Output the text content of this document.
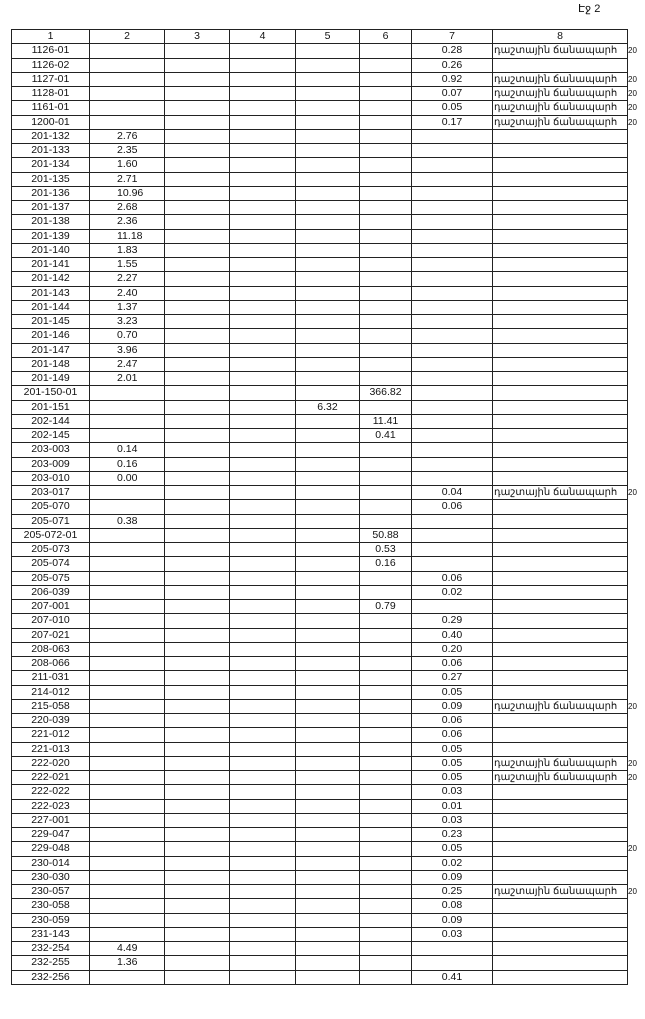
Էջ 2
1	2	3	4	5	6	7	8
1126-01						0.28	դաշտային ճանապարհ 20

1126-02						0.26	
1127-01						0.92	դաշտային ճանապարհ 20

1128-01						0.07	դաշտային ճանապարհ 20

1161-01						0.05	դաշտային ճանապարհ 20

1200-01						0.17	դաշտային ճանապարհ 20

201-132	2.76						
201-133	2.35						
201-134	1.60						
201-135	2.71						
201-136	10.96						
201-137	2.68						
201-138	2.36						
201-139	11.18						
201-140	1.83						
201-141	1.55						
201-142	2.27						
201-143	2.40						
201-144	1.37						
201-145	3.23						
201-146	0.70						
201-147	3.96						
201-148	2.47						
201-149	2.01						
201-150-01					366.82		
201-151				6.32			
202-144					11.41		
202-145					0.41		
203-003	0.14						
203-009	0.16						
203-010	0.00						
203-017						0.04	դաշտային ճանապարհ 20

205-070						0.06	
205-071	0.38						
205-072-01					50.88		
205-073					0.53		
205-074					0.16		
205-075						0.06	
206-039						0.02	
207-001					0.79		
207-010						0.29	
207-021						0.40	
208-063						0.20	
208-066						0.06	
211-031						0.27	
214-012						0.05	
215-058						0.09	դաշտային ճանապարհ 20

220-039						0.06	
221-012						0.06	
221-013						0.05	
222-020						0.05	դաշտային ճանապարհ 20

222-021						0.05	դաշտային ճանապարհ 20

222-022						0.03	
222-023						0.01	
227-001						0.03	
229-047						0.23	
229-048						0.05	20

230-014						0.02	
230-030						0.09	
230-057						0.25	դաշտային ճանապարհ 20

230-058						0.08	
230-059						0.09	
231-143						0.03	
232-254	4.49						
232-255	1.36						
232-256						0.41	
